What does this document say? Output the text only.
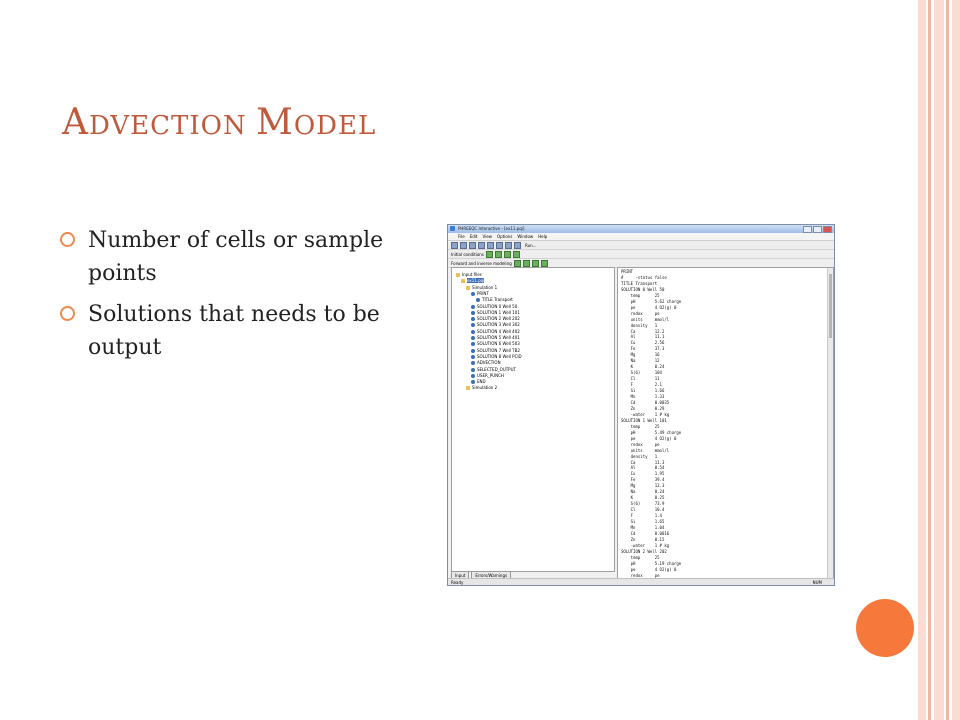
ADVECTION MODEL
Number of cells or sample points
Solutions that needs to be output
PHREEQC Interactive - [ex11.pqi]
File Edit View Options Window Help
Run...
Initial conditions
Forward and inverse modeling
Input files
ex11.pqi
Simulation 1
PRINT
TITLE Transport
SOLUTION 0 Well 50
SOLUTION 1 Well 101
SOLUTION 2 Well 202
SOLUTION 3 Well 302
SOLUTION 4 Well 402
SOLUTION 5 Well 401
SOLUTION 6 Well 503
SOLUTION 7 Well TB2
SOLUTION 8 Well PCID
ADVECTION
SELECTED_OUTPUT
USER_PUNCH
END
Simulation 2
PRINT
#     -status false
TITLE Transport
SOLUTION 0 Well 50
temp      25
pH        5.62 charge
pe        4 O2(g) 0
redox     pe
units     mmol/l
density   1
Ca        12.2
Al        11.1
Cu        2.56
Fe        37.3
Mg        16
Na        12
K         0.24
S(6)      104
Cl        11
F         2.1
Si        1.66
Mn        1.33
Cd        0.0035
Zn        0.29
-water    1 # kg
SOLUTION 1 Well 101
temp      25
pH        5.49 charge
pe        4 O2(g) 0
redox     pe
units     mmol/l
density   1
Ca        11.3
Al        0.54
Cu        1.95
Fe        39.4
Mg        12.3
Na        0.24
K         0.25
S(6)      73.9
Cl        10.4
F         1.4
Si        1.65
Mn        1.04
Cd        0.0016
Zn        0.15
-water    1 # kg
SOLUTION 2 Well 202
temp      25
pH        5.19 charge
pe        4 O2(g) 0
redox     pe
Input	Errors/Warnings
Ready	NUM
